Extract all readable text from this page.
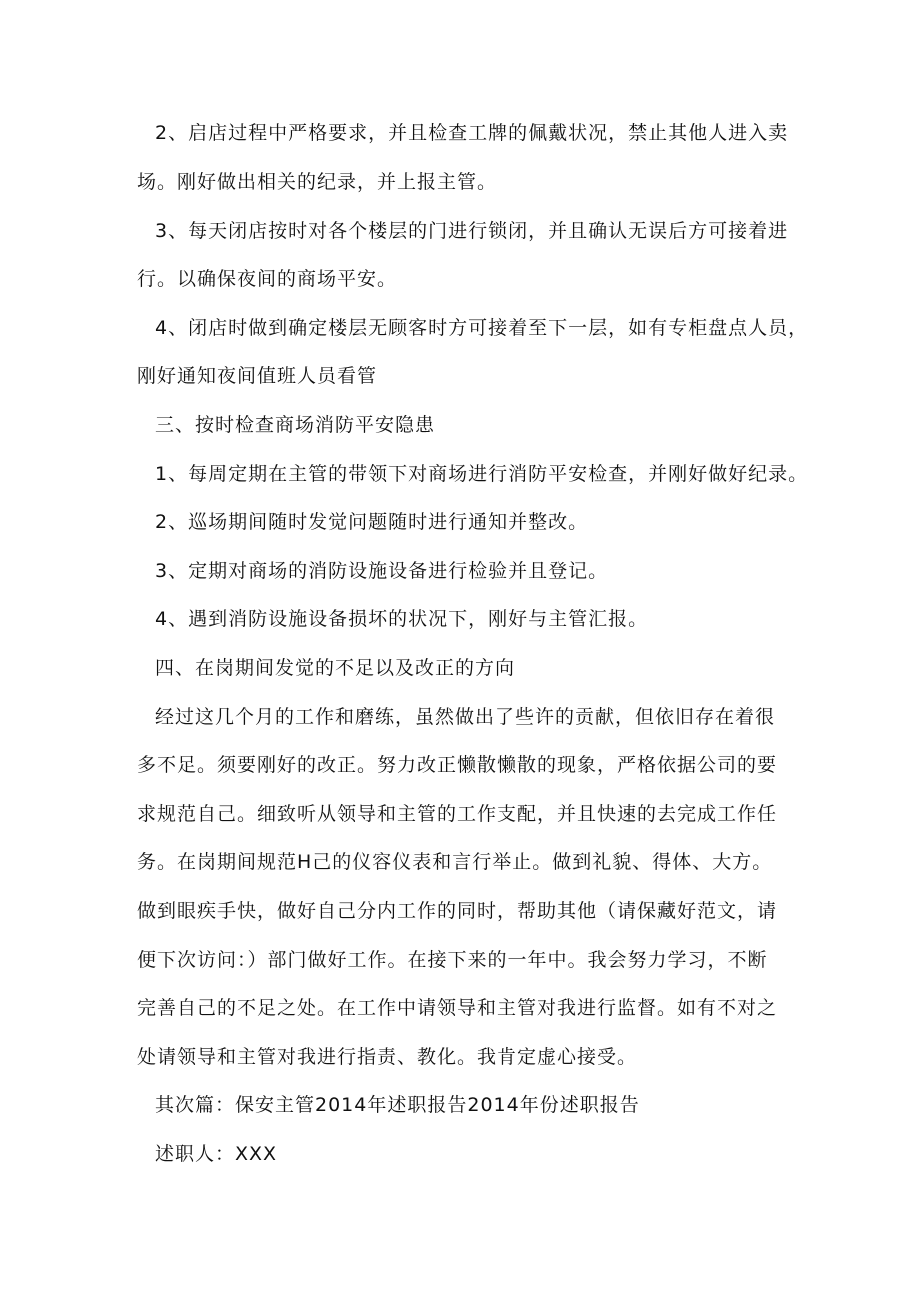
2、启店过程中严格要求，并且检查工牌的佩戴状况，禁止其他人进入卖
场。刚好做出相关的纪录，并上报主管。
3、每天闭店按时对各个楼层的门进行锁闭，并且确认无误后方可接着进
行。以确保夜间的商场平安。
4、闭店时做到确定楼层无顾客时方可接着至下一层，如有专柜盘点人员，
刚好通知夜间值班人员看管
三、按时检查商场消防平安隐患
1、每周定期在主管的带领下对商场进行消防平安检查，并刚好做好纪录。
2、巡场期间随时发觉问题随时进行通知并整改。
3、定期对商场的消防设施设备进行检验并且登记。
4、遇到消防设施设备损坏的状况下，刚好与主管汇报。
四、在岗期间发觉的不足以及改正的方向
经过这几个月的工作和磨练，虽然做出了些许的贡献，但依旧存在着很
多不足。须要刚好的改正。努力改正懒散懒散的现象，严格依据公司的要
求规范自己。细致听从领导和主管的工作支配，并且快速的去完成工作任
务。在岗期间规范H己的仪容仪表和言行举止。做到礼貌、得体、大方。
做到眼疾手快，做好自己分内工作的同时，帮助其他（请保藏好范文，请
便下次访问：）部门做好工作。在接下来的一年中。我会努力学习，不断
完善自己的不足之处。在工作中请领导和主管对我进行监督。如有不对之
处请领导和主管对我进行指责、教化。我肯定虚心接受。
其次篇：保安主管2014年述职报告2014年份述职报告
述职人：XXX
